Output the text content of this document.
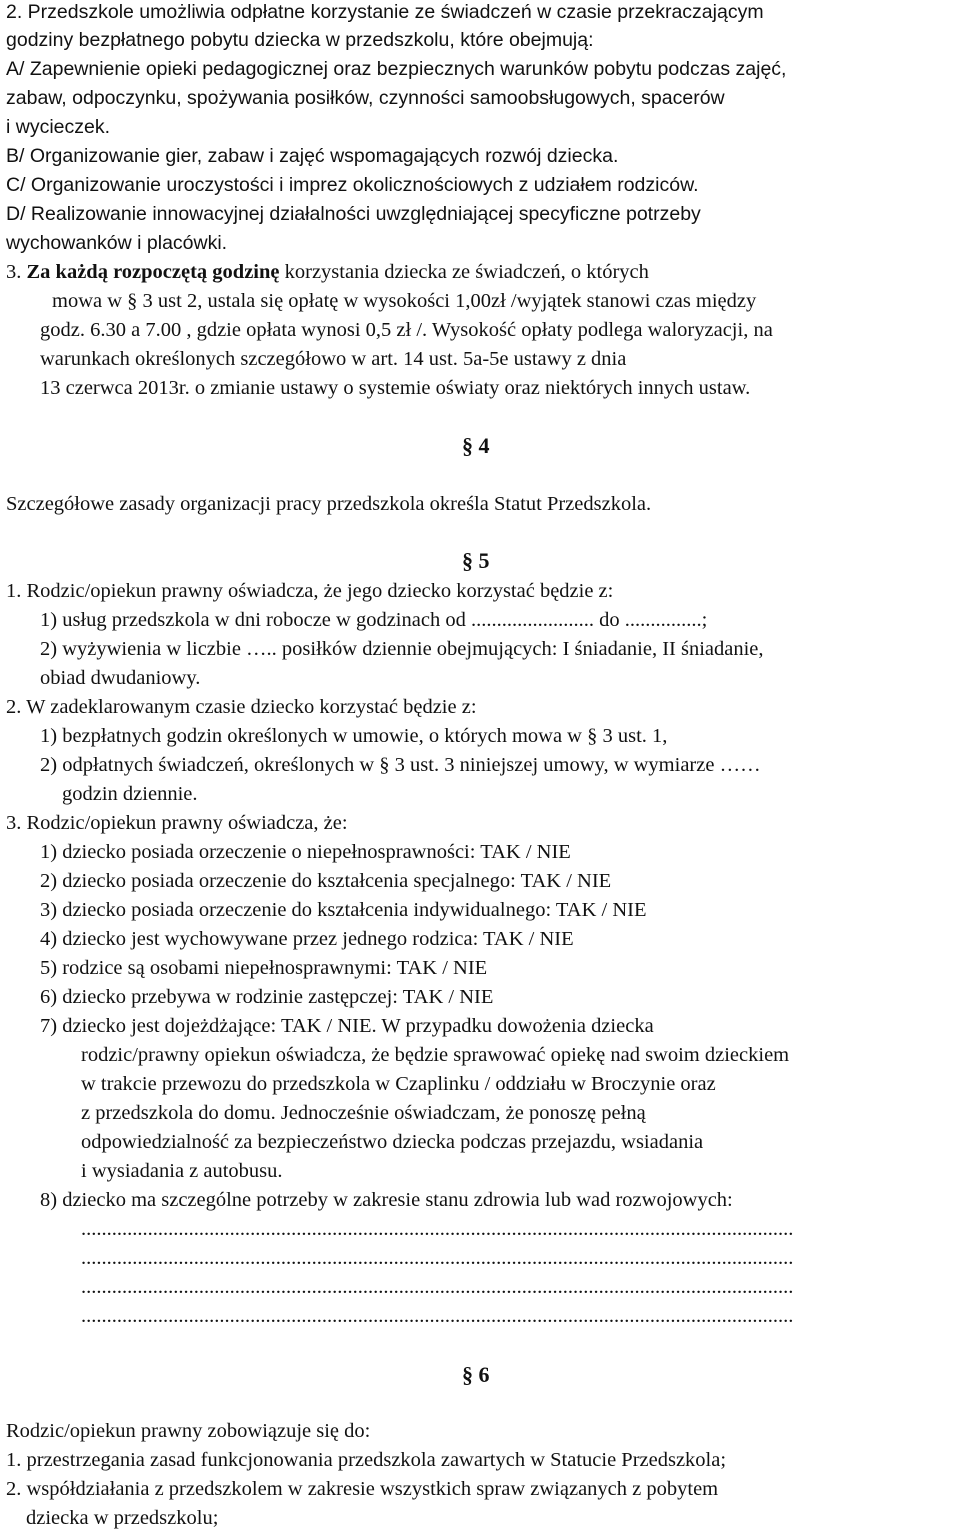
2. Przedszkole umożliwia odpłatne korzystanie ze świadczeń w czasie przekraczającym
godziny bezpłatnego pobytu dziecka w przedszkolu, które obejmują:
A/ Zapewnienie opieki pedagogicznej oraz bezpiecznych warunków pobytu podczas zajęć,
zabaw, odpoczynku, spożywania posiłków, czynności samoobsługowych, spacerów
i wycieczek.
B/ Organizowanie gier, zabaw i zajęć wspomagających rozwój dziecka.
C/ Organizowanie uroczystości i imprez okolicznościowych z udziałem rodziców.
D/ Realizowanie innowacyjnej działalności uwzględniającej specyficzne potrzeby
wychowanków i placówki.
3. Za każdą rozpoczętą godzinę korzystania dziecka ze świadczeń, o których
mowa w § 3 ust 2, ustala się opłatę w wysokości 1,00zł /wyjątek stanowi czas między
godz. 6.30 a 7.00 , gdzie opłata wynosi 0,5 zł /. Wysokość opłaty podlega waloryzacji, na
warunkach określonych szczegółowo w art. 14 ust. 5a-5e ustawy z dnia
13 czerwca 2013r. o zmianie ustawy o systemie oświaty oraz niektórych innych ustaw.
§ 4
Szczegółowe zasady organizacji pracy przedszkola określa Statut Przedszkola.
§ 5
1. Rodzic/opiekun prawny oświadcza, że jego dziecko korzystać będzie z:
1) usług przedszkola w dni robocze w godzinach od ........................ do ...............;
2) wyżywienia w liczbie ….. posiłków dziennie obejmujących: I śniadanie, II śniadanie,
obiad dwudaniowy.
2. W zadeklarowanym czasie dziecko korzystać będzie z:
1) bezpłatnych godzin określonych w umowie, o których mowa w § 3 ust. 1,
2) odpłatnych świadczeń, określonych w § 3 ust. 3 niniejszej umowy, w wymiarze ……
godzin dziennie.
3. Rodzic/opiekun prawny oświadcza, że:
1) dziecko posiada orzeczenie o niepełnosprawności: TAK / NIE
2) dziecko posiada orzeczenie do kształcenia specjalnego: TAK / NIE
3) dziecko posiada orzeczenie do kształcenia indywidualnego: TAK / NIE
4) dziecko jest wychowywane przez jednego rodzica: TAK / NIE
5) rodzice są osobami niepełnosprawnymi: TAK / NIE
6) dziecko przebywa w rodzinie zastępczej: TAK / NIE
7) dziecko jest dojeżdżające: TAK / NIE. W przypadku dowożenia dziecka
rodzic/prawny opiekun oświadcza, że będzie sprawować opiekę nad swoim dzieckiem
w trakcie przewozu do przedszkola w Czaplinku / oddziału w Broczynie oraz
z przedszkola do domu. Jednocześnie oświadczam, że ponoszę pełną
odpowiedzialność za bezpieczeństwo dziecka podczas przejazdu, wsiadania
i wysiadania z autobusu.
8) dziecko ma szczególne potrzeby w zakresie stanu zdrowia lub wad rozwojowych:
...........................................................................................................................................
...........................................................................................................................................
...........................................................................................................................................
...........................................................................................................................................
§ 6
Rodzic/opiekun prawny zobowiązuje się do:
1. przestrzegania zasad funkcjonowania przedszkola zawartych w Statucie Przedszkola;
2. współdziałania z przedszkolem w zakresie wszystkich spraw związanych z pobytem
dziecka w przedszkolu;
